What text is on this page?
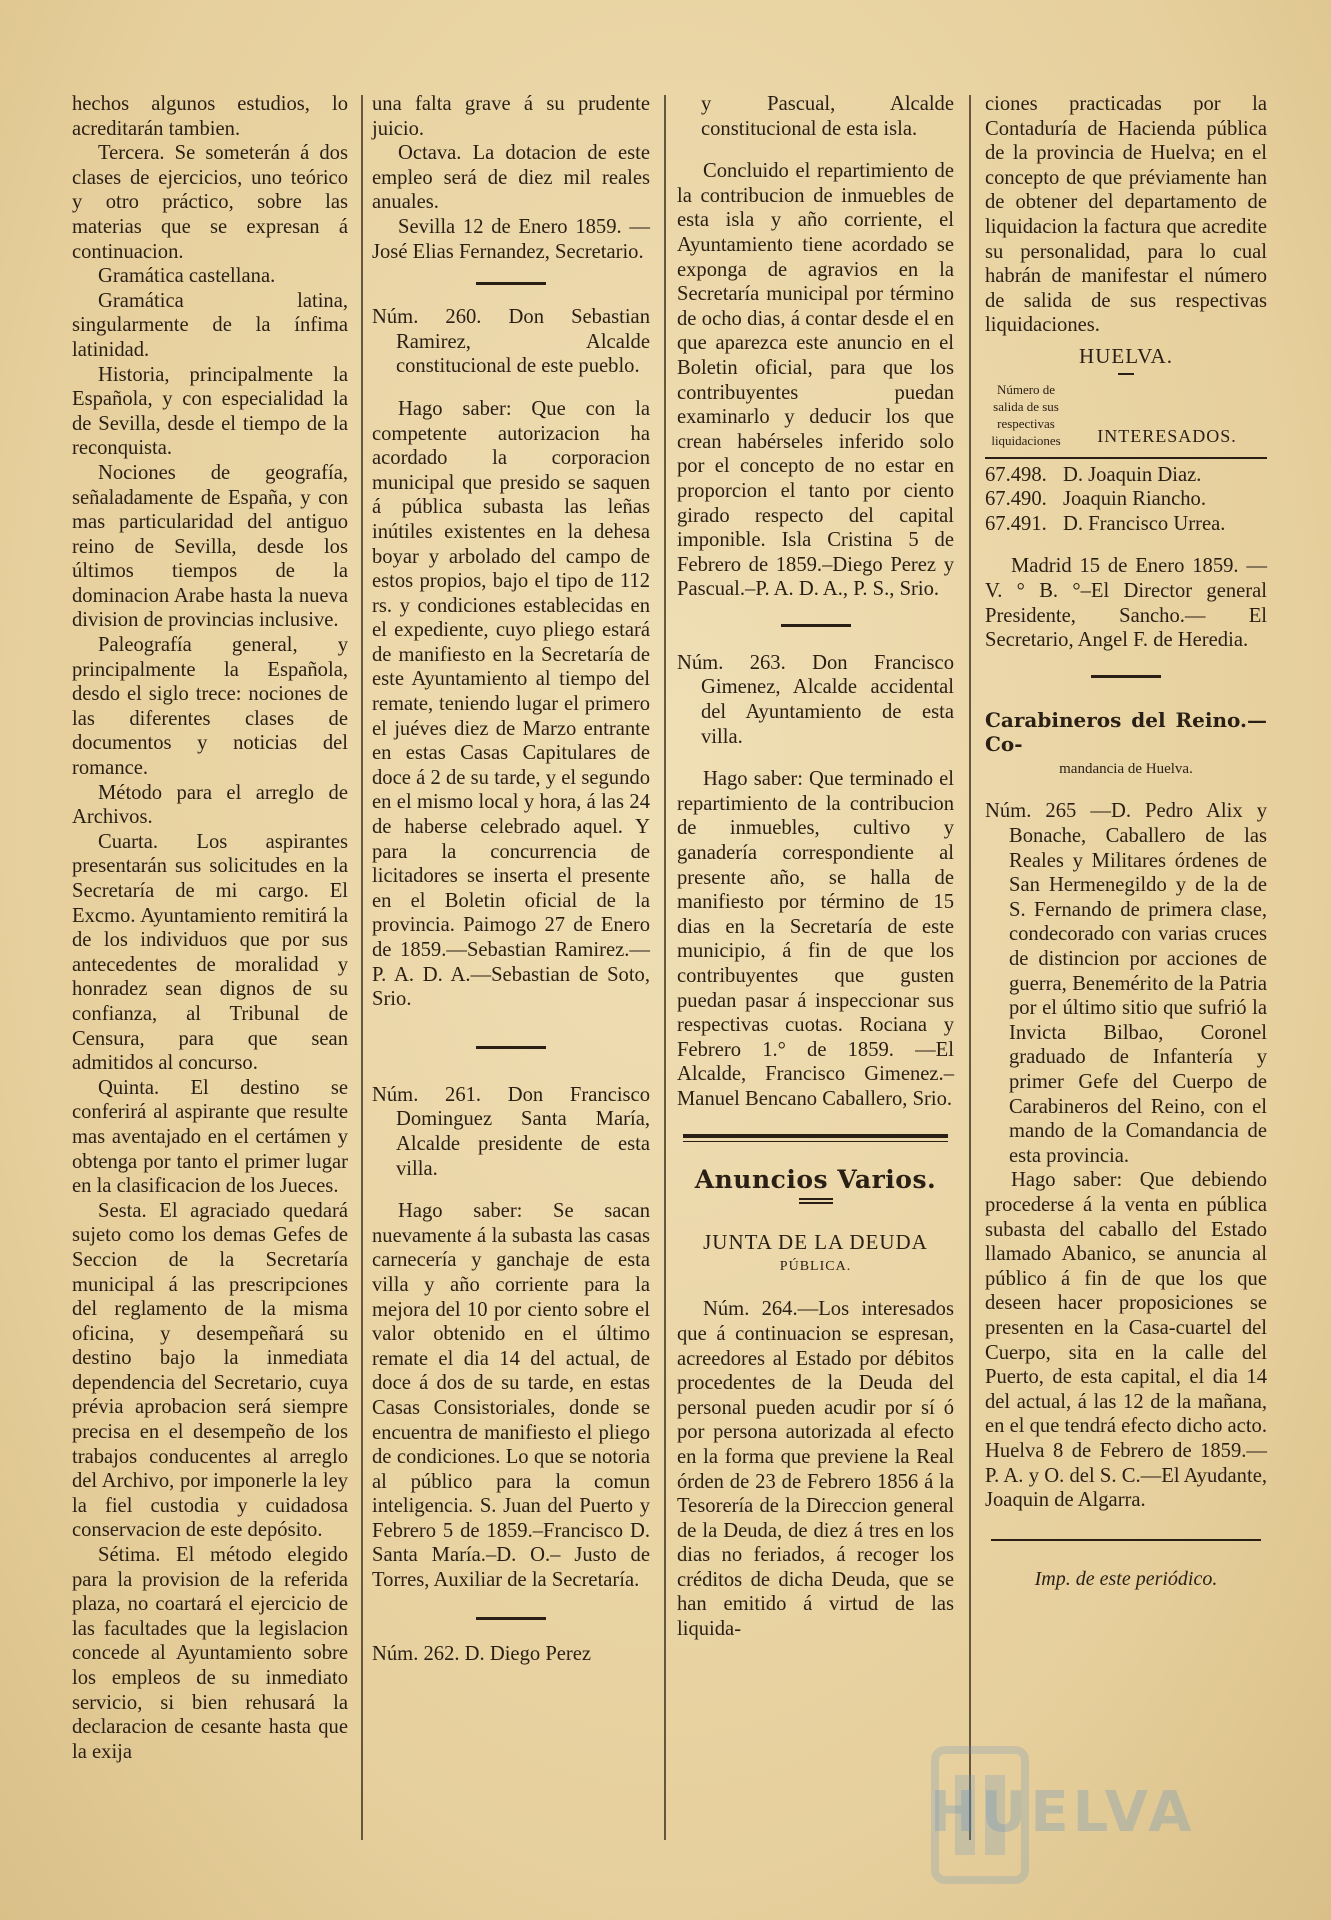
hechos algunos estudios, lo acreditarán tambien.

Tercera. Se someterán á dos clases de ejercicios, uno teórico y otro práctico, sobre las materias que se expresan á continuacion.

Gramática castellana.

Gramática latina, singularmente de la ínfima latinidad.

Historia, principalmente la Española, y con especialidad la de Sevilla, desde el tiempo de la reconquista.

Nociones de geografía, señaladamente de España, y con mas particularidad del antiguo reino de Sevilla, desde los últimos tiempos de la dominacion Arabe hasta la nueva division de provincias inclusive.

Paleografía general, y principalmente la Española, desdo el siglo trece: nociones de las diferentes clases de documentos y noticias del romance.

Método para el arreglo de Archivos.

Cuarta. Los aspirantes presentarán sus solicitudes en la Secretaría de mi cargo. El Excmo. Ayuntamiento remitirá la de los individuos que por sus antecedentes de moralidad y honradez sean dignos de su confianza, al Tribunal de Censura, para que sean admitidos al concurso.

Quinta. El destino se conferirá al aspirante que resulte mas aventajado en el certámen y obtenga por tanto el primer lugar en la clasificacion de los Jueces.

Sesta. El agraciado quedará sujeto como los demas Gefes de Seccion de la Secretaría municipal á las prescripciones del reglamento de la misma oficina, y desempeñará su destino bajo la inmediata dependencia del Secretario, cuya prévia aprobacion será siempre precisa en el desempeño de los trabajos conducentes al arreglo del Archivo, por imponerle la ley la fiel custodia y cuidadosa conservacion de este depósito.

Sétima. El método elegido para la provision de la referida plaza, no coartará el ejercicio de las facultades que la legislacion concede al Ayuntamiento sobre los empleos de su inmediato servicio, si bien rehusará la declaracion de cesante hasta que la exija

una falta grave á su prudente juicio.

Octava. La dotacion de este empleo será de diez mil reales anuales.

Sevilla 12 de Enero 1859. —José Elias Fernandez, Secretario.

Núm. 260. Don Sebastian Ramirez, Alcalde constitucional de este pueblo.

Hago saber: Que con la competente autorizacion ha acordado la corporacion municipal que presido se saquen á pública subasta las leñas inútiles existentes en la dehesa boyar y arbolado del campo de estos propios, bajo el tipo de 112 rs. y condiciones establecidas en el expediente, cuyo pliego estará de manifiesto en la Secretaría de este Ayuntamiento al tiempo del remate, teniendo lugar el primero el juéves diez de Marzo entrante en estas Casas Capitulares de doce á 2 de su tarde, y el segundo en el mismo local y hora, á las 24 de haberse celebrado aquel. Y para la concurrencia de licitadores se inserta el presente en el Boletin oficial de la provincia. Paimogo 27 de Enero de 1859.—Sebastian Ramirez.—P. A. D. A.—Sebastian de Soto, Srio.

Núm. 261. Don Francisco Dominguez Santa María, Alcalde presidente de esta villa.

Hago saber: Se sacan nuevamente á la subasta las casas carnecería y ganchaje de esta villa y año corriente para la mejora del 10 por ciento sobre el valor obtenido en el último remate el dia 14 del actual, de doce á dos de su tarde, en estas Casas Consistoriales, donde se encuentra de manifiesto el pliego de condiciones. Lo que se notoria al público para la comun inteligencia. S. Juan del Puerto y Febrero 5 de 1859.–Francisco D. Santa María.–D. O.– Justo de Torres, Auxiliar de la Secretaría.

Núm. 262. D. Diego Perez

y Pascual, Alcalde constitucional de esta isla.

Concluido el repartimiento de la contribucion de inmuebles de esta isla y año corriente, el Ayuntamiento tiene acordado se exponga de agravios en la Secretaría municipal por término de ocho dias, á contar desde el en que aparezca este anuncio en el Boletin oficial, para que los contribuyentes puedan examinarlo y deducir los que crean habérseles inferido solo por el concepto de no estar en proporcion el tanto por ciento girado respecto del capital imponible. Isla Cristina 5 de Febrero de 1859.–Diego Perez y Pascual.–P. A. D. A., P. S., Srio.

Núm. 263. Don Francisco Gimenez, Alcalde accidental del Ayuntamiento de esta villa.

Hago saber: Que terminado el repartimiento de la contribucion de inmuebles, cultivo y ganadería correspondiente al presente año, se halla de manifiesto por término de 15 dias en la Secretaría de este municipio, á fin de que los contribuyentes que gusten puedan pasar á inspeccionar sus respectivas cuotas. Rociana y Febrero 1.° de 1859. —El Alcalde, Francisco Gimenez.–Manuel Bencano Caballero, Srio.

Anuncios Varios.

JUNTA DE LA DEUDA

PÚBLICA.

Núm. 264.—Los interesados que á continuacion se espresan, acreedores al Estado por débitos procedentes de la Deuda del personal pueden acudir por sí ó por persona autorizada al efecto en la forma que previene la Real órden de 23 de Febrero 1856 á la Tesorería de la Direccion general de la Deuda, de diez á tres en los dias no feriados, á recoger los créditos de dicha Deuda, que se han emitido á virtud de las liquida-

ciones practicadas por la Contaduría de Hacienda pública de la provincia de Huelva; en el concepto de que préviamente han de obtener del departamento de liquidacion la factura que acredite su personalidad, para lo cual habrán de manifestar el número de salida de sus respectivas liquidaciones.

HUELVA.

Número de salida de sus respectivas liquidaciones	INTERESADOS.
67.498. D. Joaquin Diaz.
67.490. Joaquin Riancho.
67.491. D. Francisco Urrea.

Madrid 15 de Enero 1859. —V. ° B. °–El Director general Presidente, Sancho.— El Secretario, Angel F. de Heredia.

Carabineros del Reino.—Co-

mandancia de Huelva.

Núm. 265 —D. Pedro Alix y Bonache, Caballero de las Reales y Militares órdenes de San Hermenegildo y de la de S. Fernando de primera clase, condecorado con varias cruces de distincion por acciones de guerra, Benemérito de la Patria por el último sitio que sufrió la Invicta Bilbao, Coronel graduado de Infantería y primer Gefe del Cuerpo de Carabineros del Reino, con el mando de la Comandancia de esta provincia.

Hago saber: Que debiendo procederse á la venta en pública subasta del caballo del Estado llamado Abanico, se anuncia al público á fin de que los que deseen hacer proposiciones se presenten en la Casa-cuartel del Cuerpo, sita en la calle del Puerto, de esta capital, el dia 14 del actual, á las 12 de la mañana, en el que tendrá efecto dicho acto. Huelva 8 de Febrero de 1859.— P. A. y O. del S. C.—El Ayudante, Joaquin de Algarra.

Imp. de este periódico.

HUELVA
